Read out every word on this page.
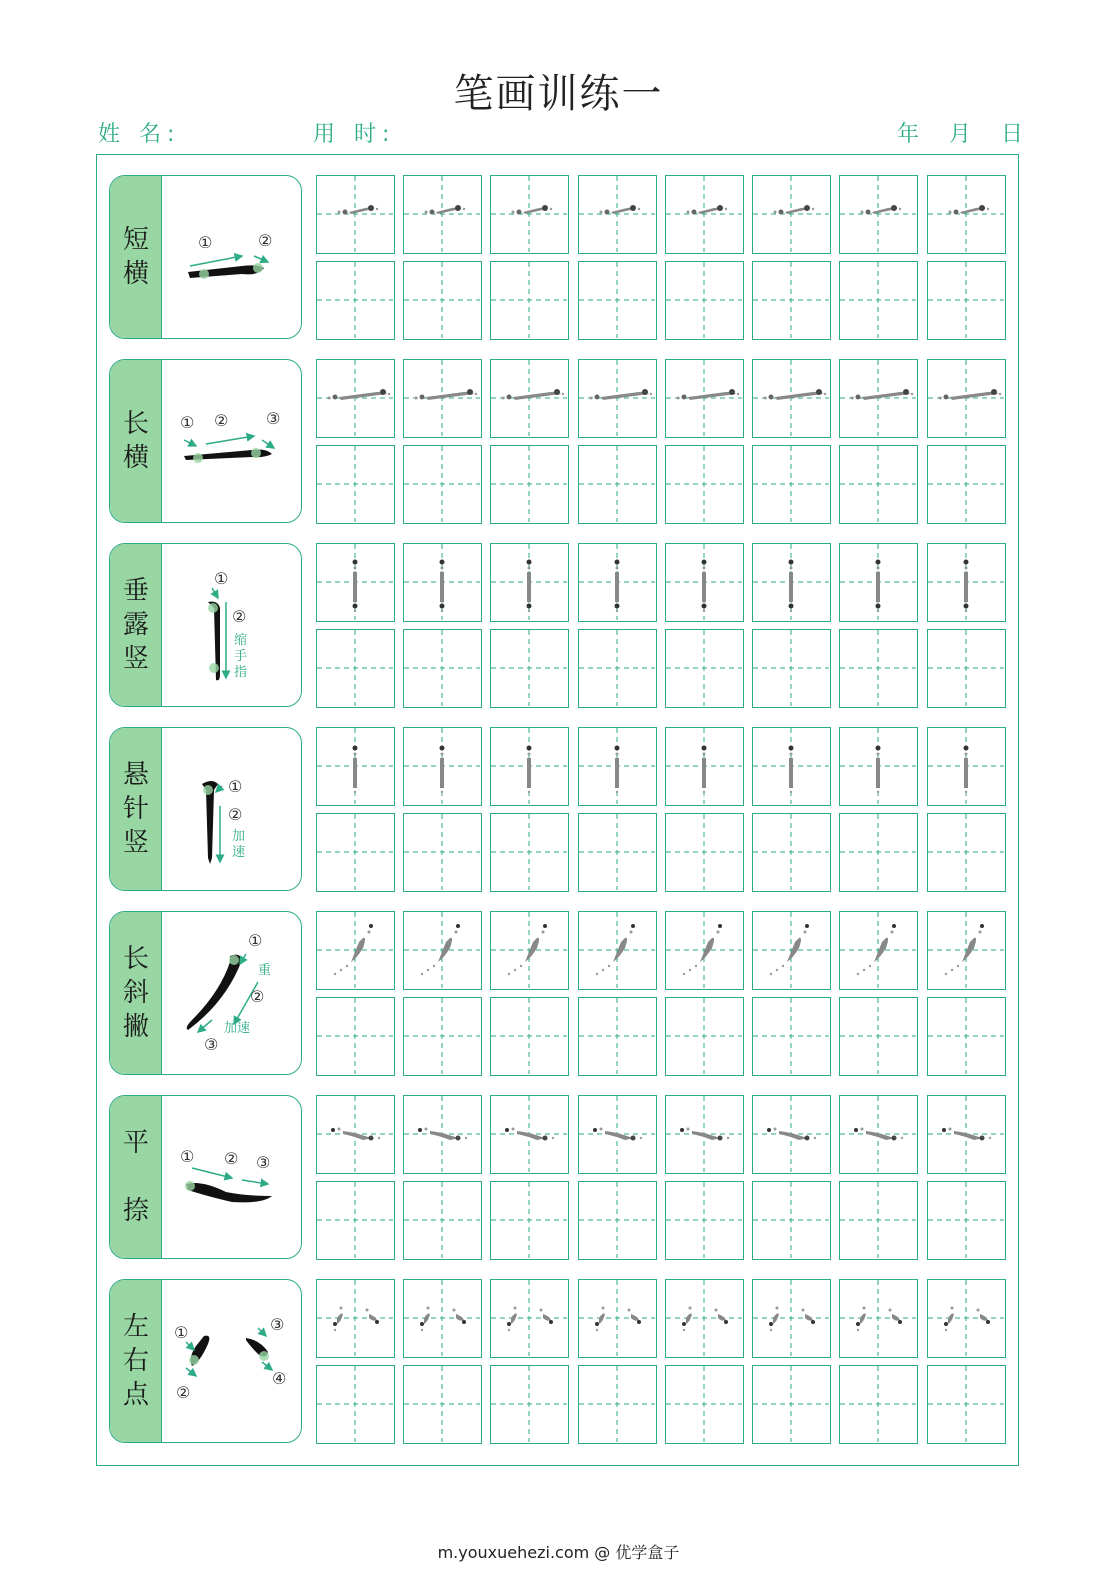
笔画训练一
姓 名:	用 时:	年　月　日
短
横
①	②
长
横
① ② ③
垂
露
竖
①
②
缩
手
指
悬
针
竖
①
②
加
速
长
斜
撇
①
重
②
加速
③
平
捺
① ② ③
左
右
点
①
②
③
④
m.youxuehezi.com @ 优学盒子
